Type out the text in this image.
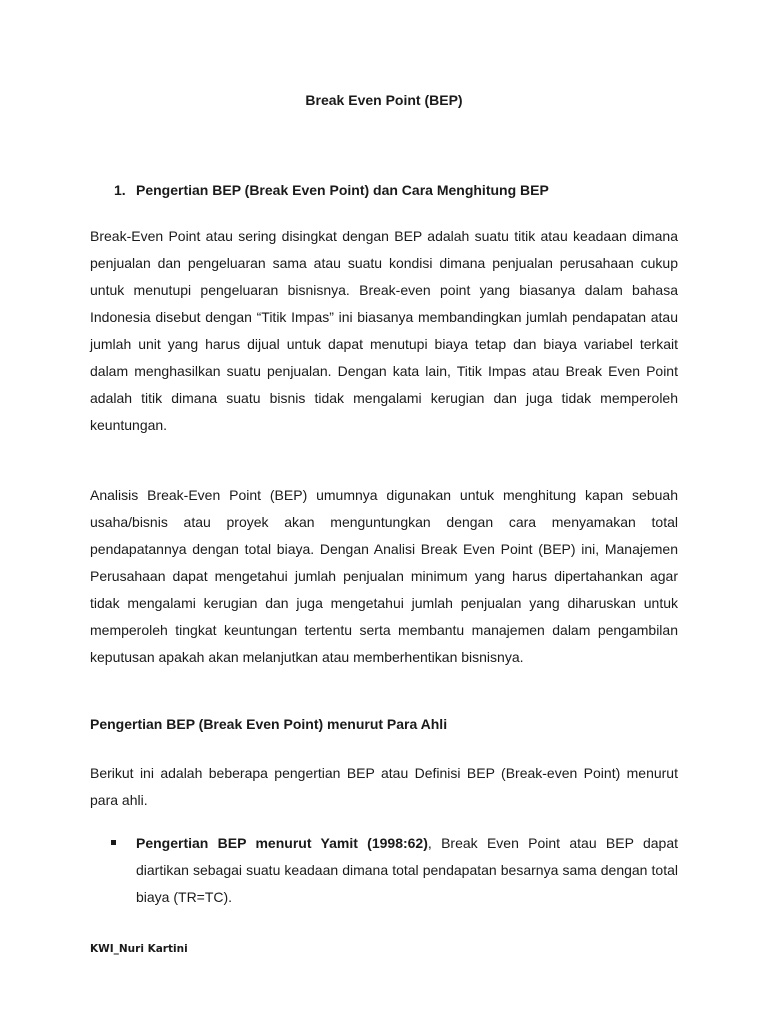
Break Even Point (BEP)
1. Pengertian BEP (Break Even Point) dan Cara Menghitung BEP
Break-Even Point atau sering disingkat dengan BEP adalah suatu titik atau keadaan dimana penjualan dan pengeluaran sama atau suatu kondisi dimana penjualan perusahaan cukup untuk menutupi pengeluaran bisnisnya. Break-even point yang biasanya dalam bahasa Indonesia disebut dengan “Titik Impas” ini biasanya membandingkan jumlah pendapatan atau jumlah unit yang harus dijual untuk dapat menutupi biaya tetap dan biaya variabel terkait dalam menghasilkan suatu penjualan. Dengan kata lain, Titik Impas atau Break Even Point adalah titik dimana suatu bisnis tidak mengalami kerugian dan juga tidak memperoleh keuntungan.
Analisis Break-Even Point (BEP) umumnya digunakan untuk menghitung kapan sebuah usaha/bisnis atau proyek akan menguntungkan dengan cara menyamakan total pendapatannya dengan total biaya. Dengan Analisi Break Even Point (BEP) ini, Manajemen Perusahaan dapat mengetahui jumlah penjualan minimum yang harus dipertahankan agar tidak mengalami kerugian dan juga mengetahui jumlah penjualan yang diharuskan untuk memperoleh tingkat keuntungan tertentu serta membantu manajemen dalam pengambilan keputusan apakah akan melanjutkan atau memberhentikan bisnisnya.
Pengertian BEP (Break Even Point) menurut Para Ahli
Berikut ini adalah beberapa pengertian BEP atau Definisi BEP (Break-even Point) menurut para ahli.
Pengertian BEP menurut Yamit (1998:62), Break Even Point atau BEP dapat diartikan sebagai suatu keadaan dimana total pendapatan besarnya sama dengan total biaya (TR=TC).
KWI_Nuri Kartini
